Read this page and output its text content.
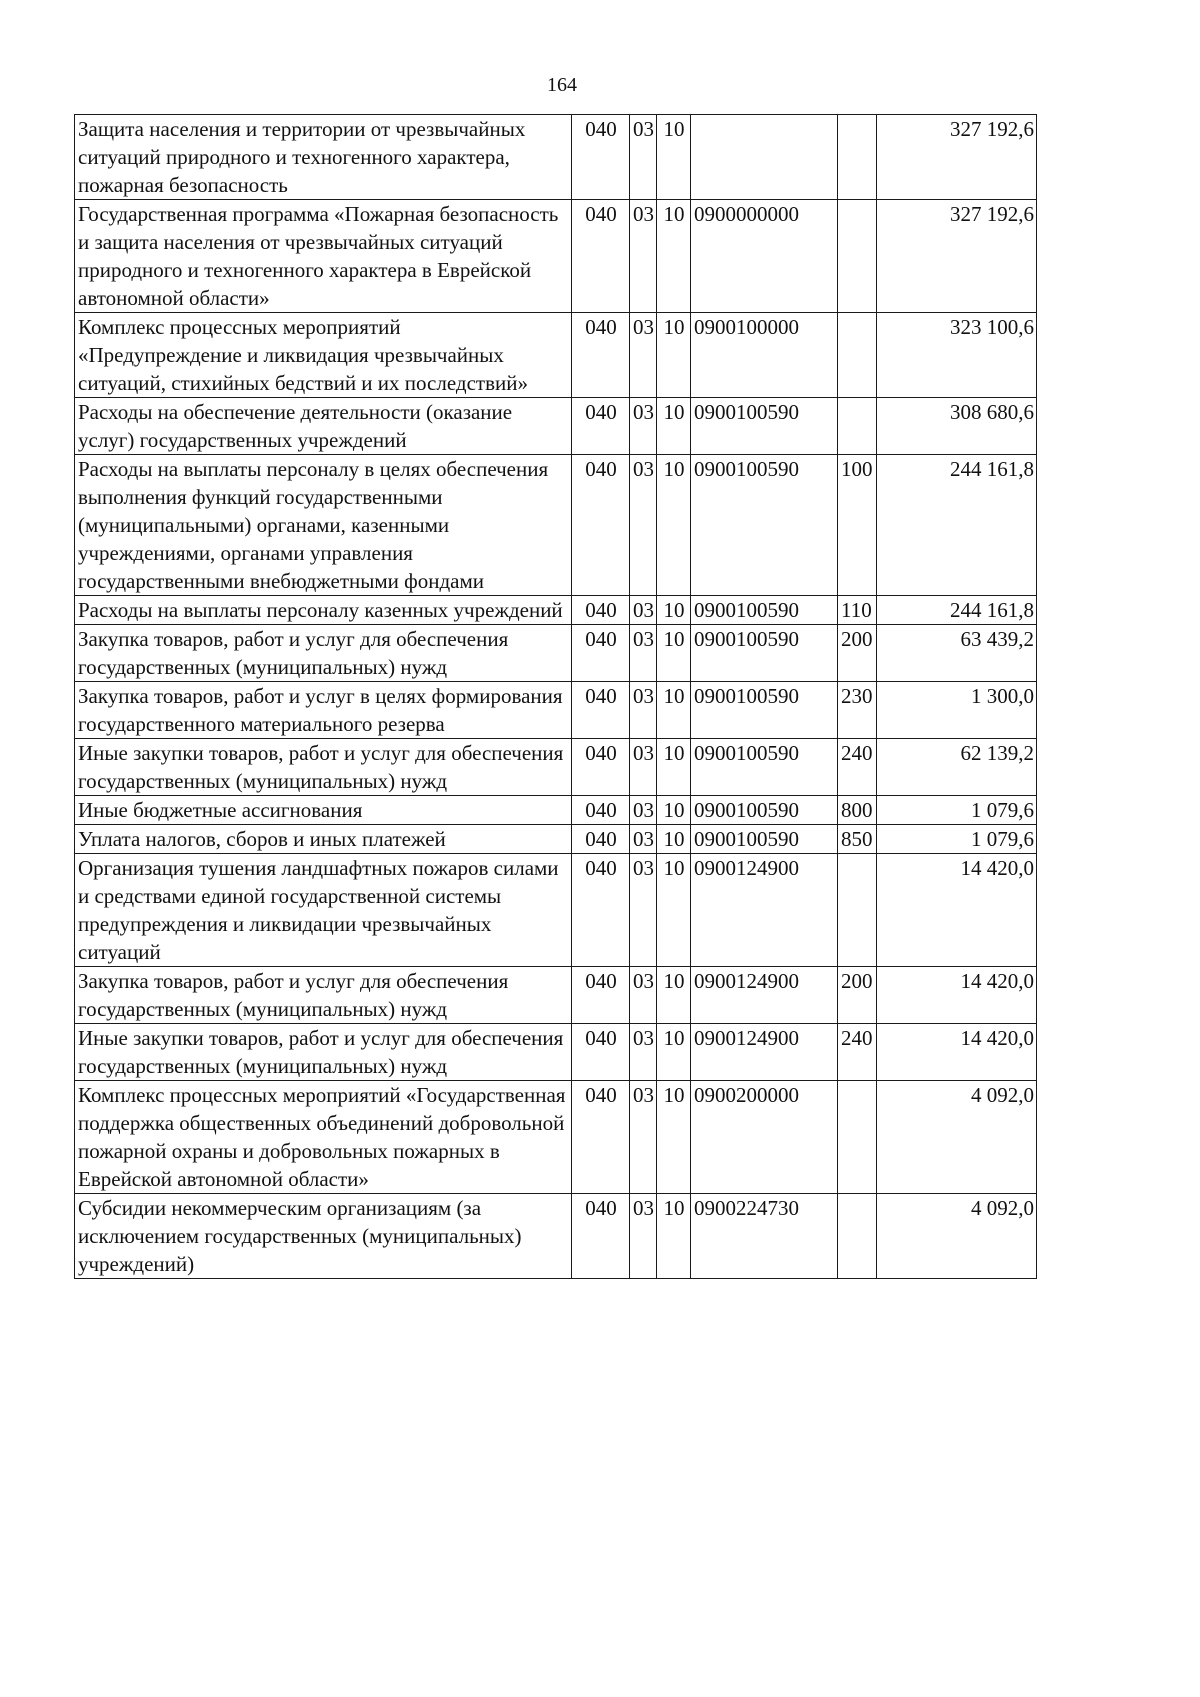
164
Защита населения и территории от чрезвычайных ситуаций природного и техногенного характера, пожарная безопасность	040	03	10			327 192,6
Государственная программа «Пожарная безопасность и защита населения от чрезвычайных ситуаций природного и техногенного характера в Еврейской автономной области»	040	03	10	0900000000		327 192,6
Комплекс процессных мероприятий «Предупреждение и ликвидация чрезвычайных ситуаций, стихийных бедствий и их последствий»	040	03	10	0900100000		323 100,6
Расходы на обеспечение деятельности (оказание услуг) государственных учреждений	040	03	10	0900100590		308 680,6
Расходы на выплаты персоналу в целях обеспечения выполнения функций государственными (муниципальными) органами, казенными учреждениями, органами управления государственными внебюджетными фондами	040	03	10	0900100590	100	244 161,8
Расходы на выплаты персоналу казенных учреждений	040	03	10	0900100590	110	244 161,8
Закупка товаров, работ и услуг для обеспечения государственных (муниципальных) нужд	040	03	10	0900100590	200	63 439,2
Закупка товаров, работ и услуг в целях формирования государственного материального резерва	040	03	10	0900100590	230	1 300,0
Иные закупки товаров, работ и услуг для обеспечения государственных (муниципальных) нужд	040	03	10	0900100590	240	62 139,2
Иные бюджетные ассигнования	040	03	10	0900100590	800	1 079,6
Уплата налогов, сборов и иных платежей	040	03	10	0900100590	850	1 079,6
Организация тушения ландшафтных пожаров силами и средствами единой государственной системы предупреждения и ликвидации чрезвычайных ситуаций	040	03	10	0900124900		14 420,0
Закупка товаров, работ и услуг для обеспечения государственных (муниципальных) нужд	040	03	10	0900124900	200	14 420,0
Иные закупки товаров, работ и услуг для обеспечения государственных (муниципальных) нужд	040	03	10	0900124900	240	14 420,0
Комплекс процессных мероприятий «Государственная поддержка общественных объединений добровольной пожарной охраны и добровольных пожарных в Еврейской автономной области»	040	03	10	0900200000		4 092,0
Субсидии некоммерческим организациям (за исключением государственных (муниципальных) учреждений)	040	03	10	0900224730		4 092,0
